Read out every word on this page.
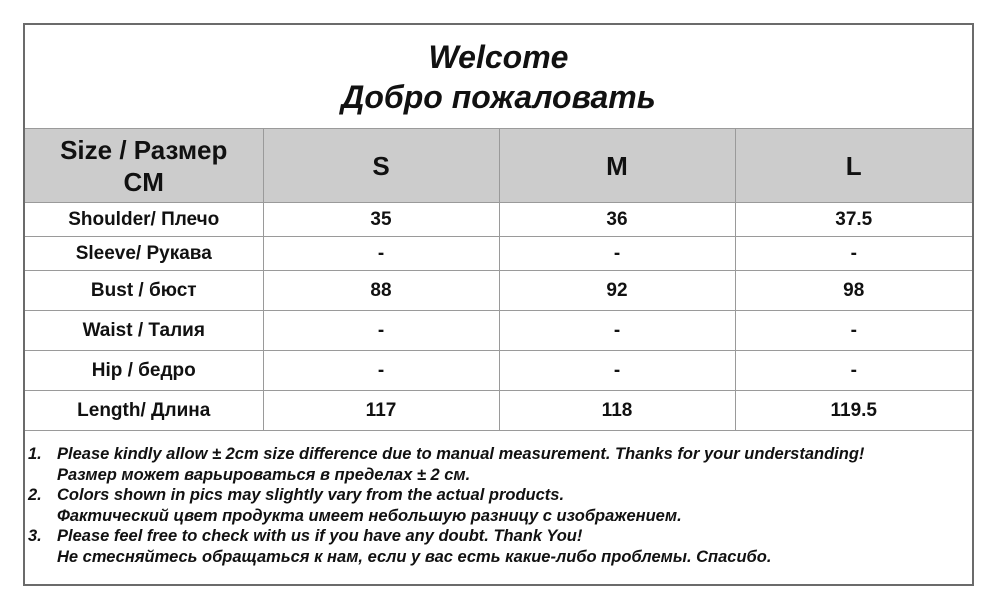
Welcome
Добро пожаловать
Size / Размер
CM	S	M	L
Shoulder/ Плечо	35	36	37.5
Sleeve/ Рукава	-	-	-
Bust / бюст	88	92	98
Waist / Талия	-	-	-
Hip / бедро	-	-	-
Length/ Длина	117	118	119.5
1. Please kindly allow ± 2cm size difference due to manual measurement. Thanks for your understanding!
Размер может варьироваться в пределах ± 2 см.
2. Colors shown in pics may slightly vary from the actual products.
Фактический цвет продукта имеет небольшую разницу с изображением.
3. Please feel free to check with us if you have any doubt. Thank You!
Не стесняйтесь обращаться к нам, если у вас есть какие-либо проблемы. Спасибо.
